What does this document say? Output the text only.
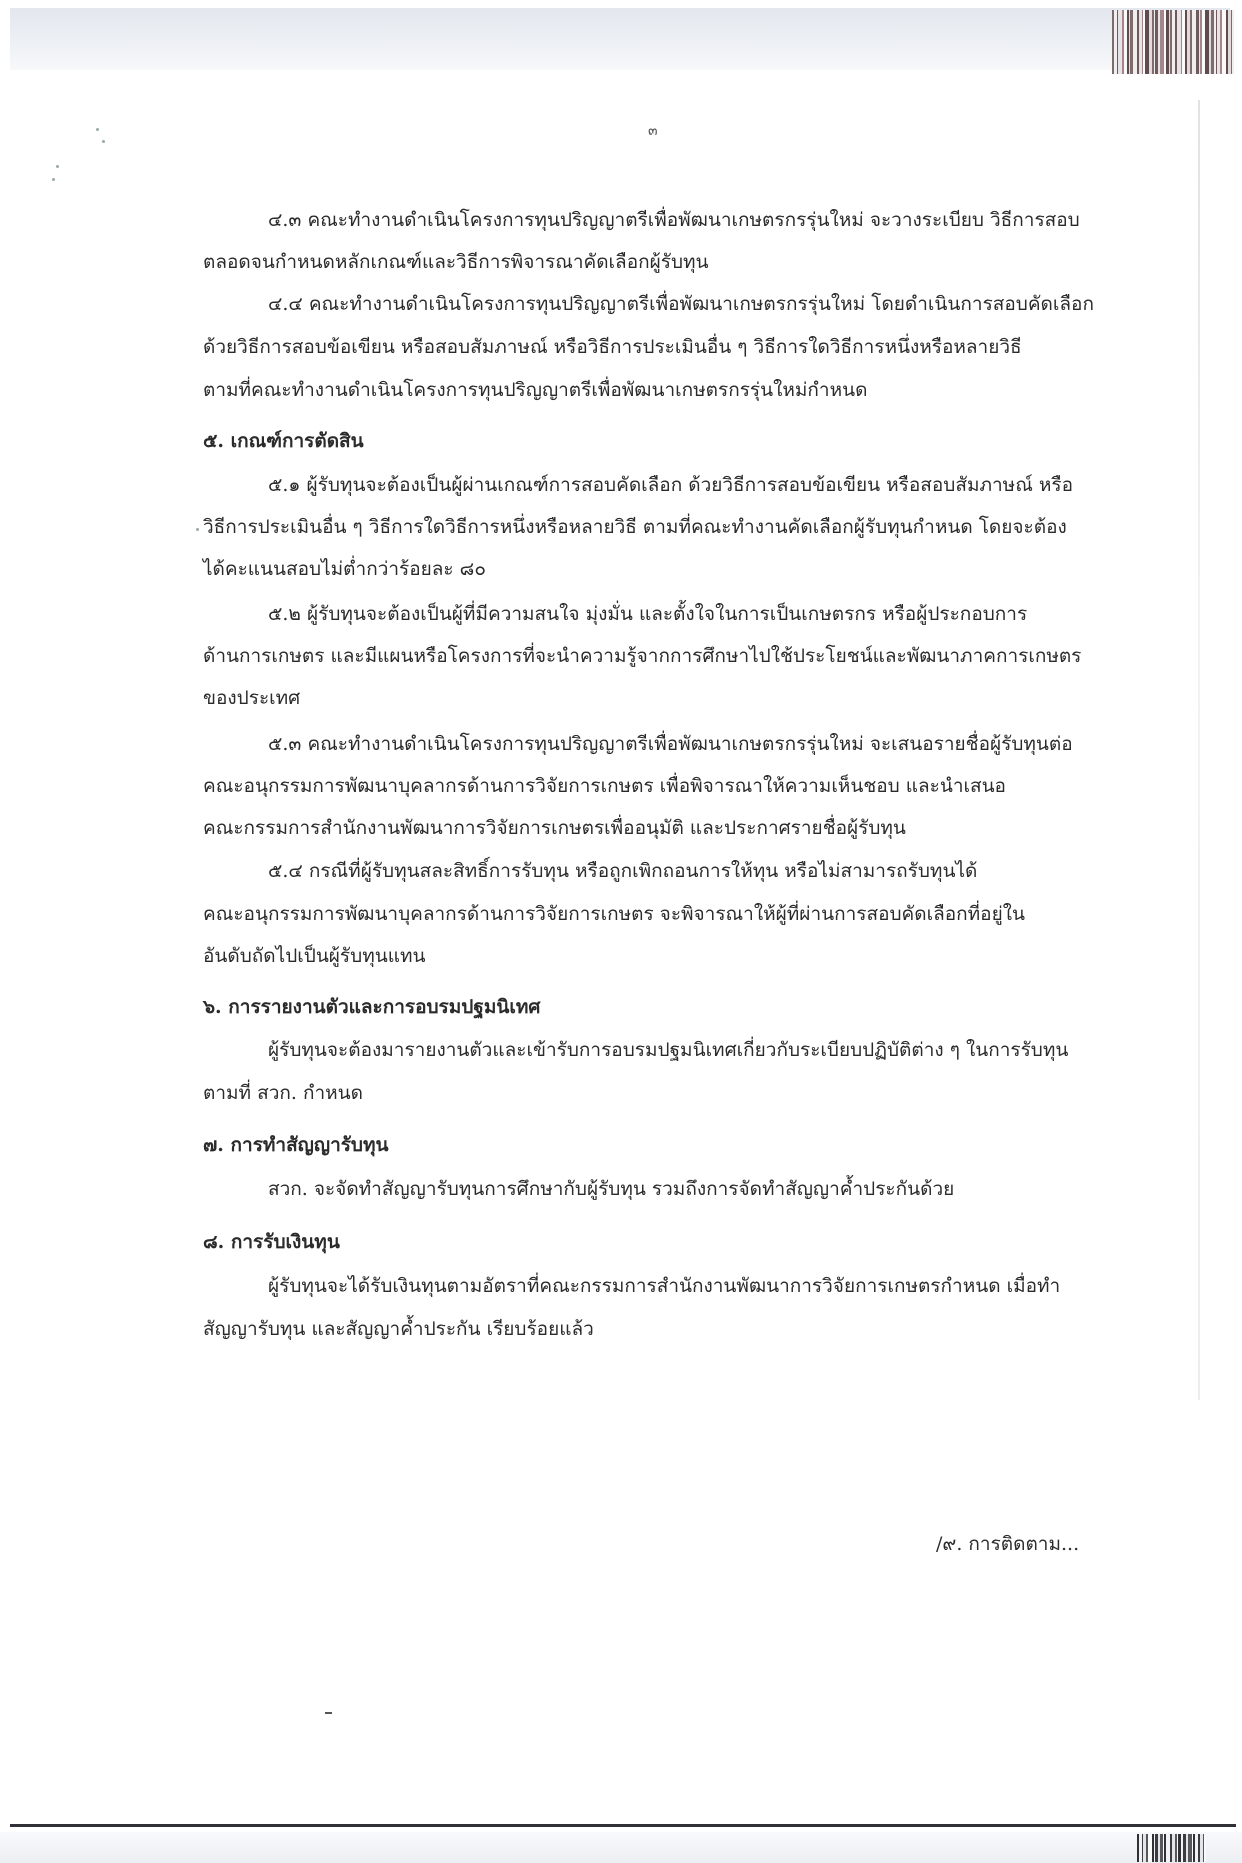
๓

๔.๓ คณะทำงานดำเนินโครงการทุนปริญญาตรีเพื่อพัฒนาเกษตรกรรุ่นใหม่ จะวางระเบียบ วิธีการสอบ

ตลอดจนกำหนดหลักเกณฑ์และวิธีการพิจารณาคัดเลือกผู้รับทุน

๔.๔ คณะทำงานดำเนินโครงการทุนปริญญาตรีเพื่อพัฒนาเกษตรกรรุ่นใหม่ โดยดำเนินการสอบคัดเลือก

ด้วยวิธีการสอบข้อเขียน หรือสอบสัมภาษณ์ หรือวิธีการประเมินอื่น ๆ วิธีการใดวิธีการหนึ่งหรือหลายวิธี

ตามที่คณะทำงานดำเนินโครงการทุนปริญญาตรีเพื่อพัฒนาเกษตรกรรุ่นใหม่กำหนด

๕. เกณฑ์การตัดสิน

๕.๑ ผู้รับทุนจะต้องเป็นผู้ผ่านเกณฑ์การสอบคัดเลือก ด้วยวิธีการสอบข้อเขียน หรือสอบสัมภาษณ์ หรือ

วิธีการประเมินอื่น ๆ วิธีการใดวิธีการหนึ่งหรือหลายวิธี ตามที่คณะทำงานคัดเลือกผู้รับทุนกำหนด โดยจะต้อง

ได้คะแนนสอบไม่ต่ำกว่าร้อยละ ๘๐

๕.๒ ผู้รับทุนจะต้องเป็นผู้ที่มีความสนใจ มุ่งมั่น และตั้งใจในการเป็นเกษตรกร หรือผู้ประกอบการ

ด้านการเกษตร และมีแผนหรือโครงการที่จะนำความรู้จากการศึกษาไปใช้ประโยชน์และพัฒนาภาคการเกษตร

ของประเทศ

๕.๓ คณะทำงานดำเนินโครงการทุนปริญญาตรีเพื่อพัฒนาเกษตรกรรุ่นใหม่ จะเสนอรายชื่อผู้รับทุนต่อ

คณะอนุกรรมการพัฒนาบุคลากรด้านการวิจัยการเกษตร เพื่อพิจารณาให้ความเห็นชอบ และนำเสนอ

คณะกรรมการสำนักงานพัฒนาการวิจัยการเกษตรเพื่ออนุมัติ และประกาศรายชื่อผู้รับทุน

๕.๔ กรณีที่ผู้รับทุนสละสิทธิ์การรับทุน หรือถูกเพิกถอนการให้ทุน หรือไม่สามารถรับทุนได้

คณะอนุกรรมการพัฒนาบุคลากรด้านการวิจัยการเกษตร จะพิจารณาให้ผู้ที่ผ่านการสอบคัดเลือกที่อยู่ใน

อันดับถัดไปเป็นผู้รับทุนแทน

๖. การรายงานตัวและการอบรมปฐมนิเทศ

ผู้รับทุนจะต้องมารายงานตัวและเข้ารับการอบรมปฐมนิเทศเกี่ยวกับระเบียบปฏิบัติต่าง ๆ ในการรับทุน

ตามที่ สวก. กำหนด

๗. การทำสัญญารับทุน

สวก. จะจัดทำสัญญารับทุนการศึกษากับผู้รับทุน รวมถึงการจัดทำสัญญาค้ำประกันด้วย

๘. การรับเงินทุน

ผู้รับทุนจะได้รับเงินทุนตามอัตราที่คณะกรรมการสำนักงานพัฒนาการวิจัยการเกษตรกำหนด เมื่อทำ

สัญญารับทุน และสัญญาค้ำประกัน เรียบร้อยแล้ว

/๙. การติดตาม...
